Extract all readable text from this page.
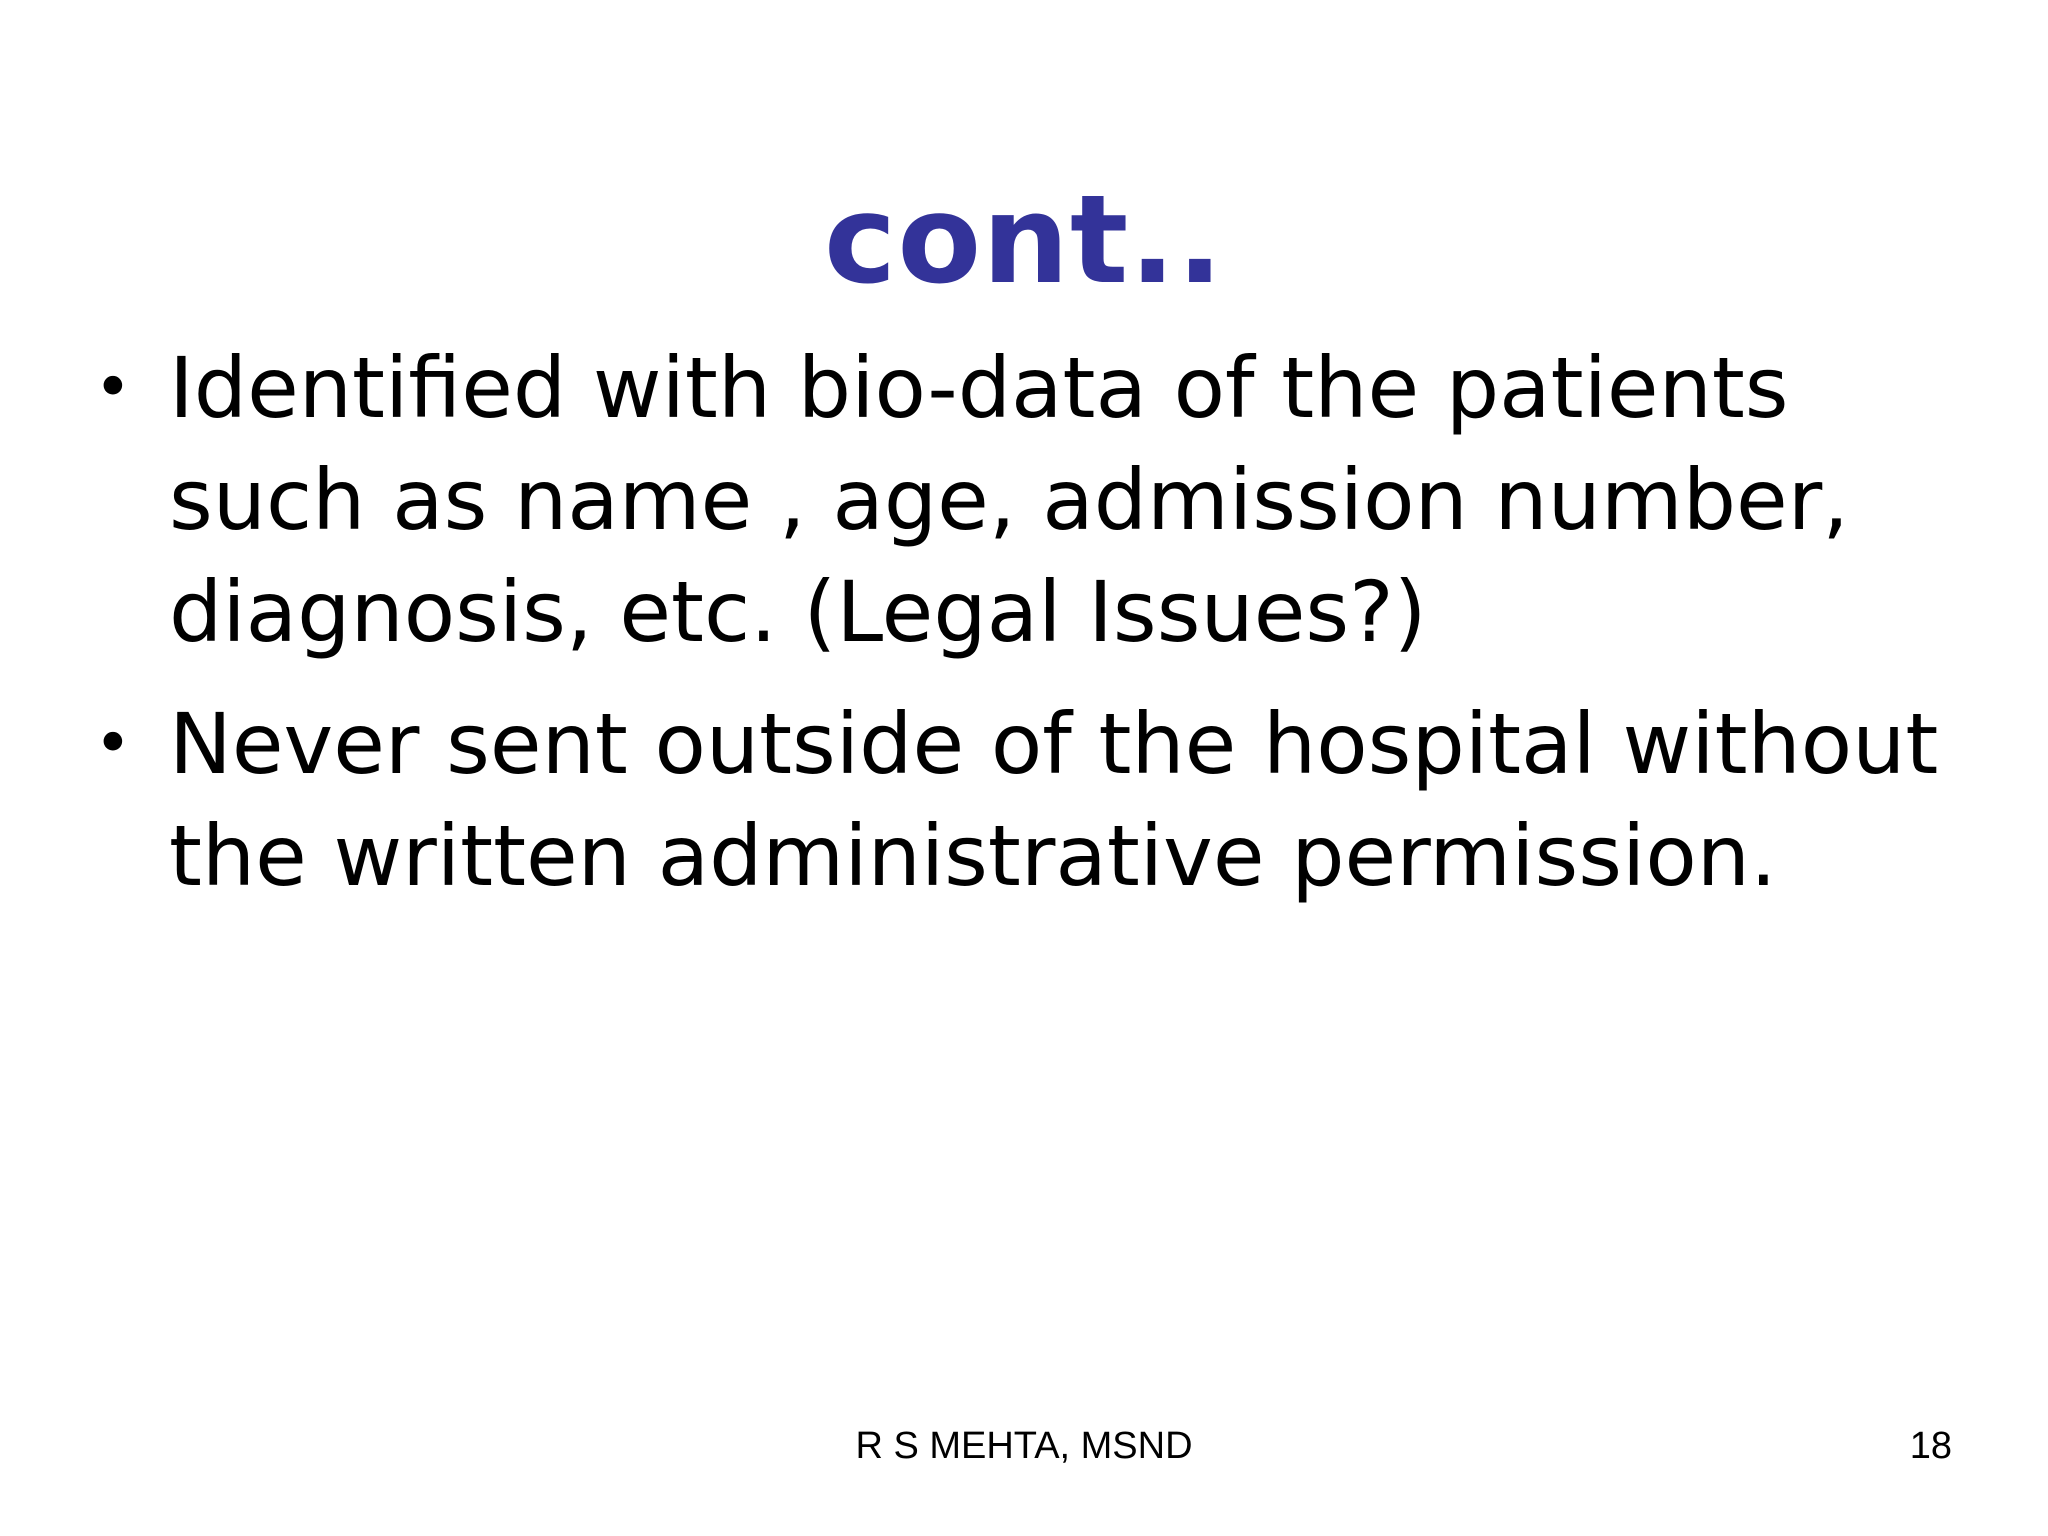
cont..
• Identified with bio-data of the patients such as name , age, admission number, diagnosis, etc. (Legal Issues?)
• Never sent outside of the hospital without the written administrative permission.
R S MEHTA, MSND	18
